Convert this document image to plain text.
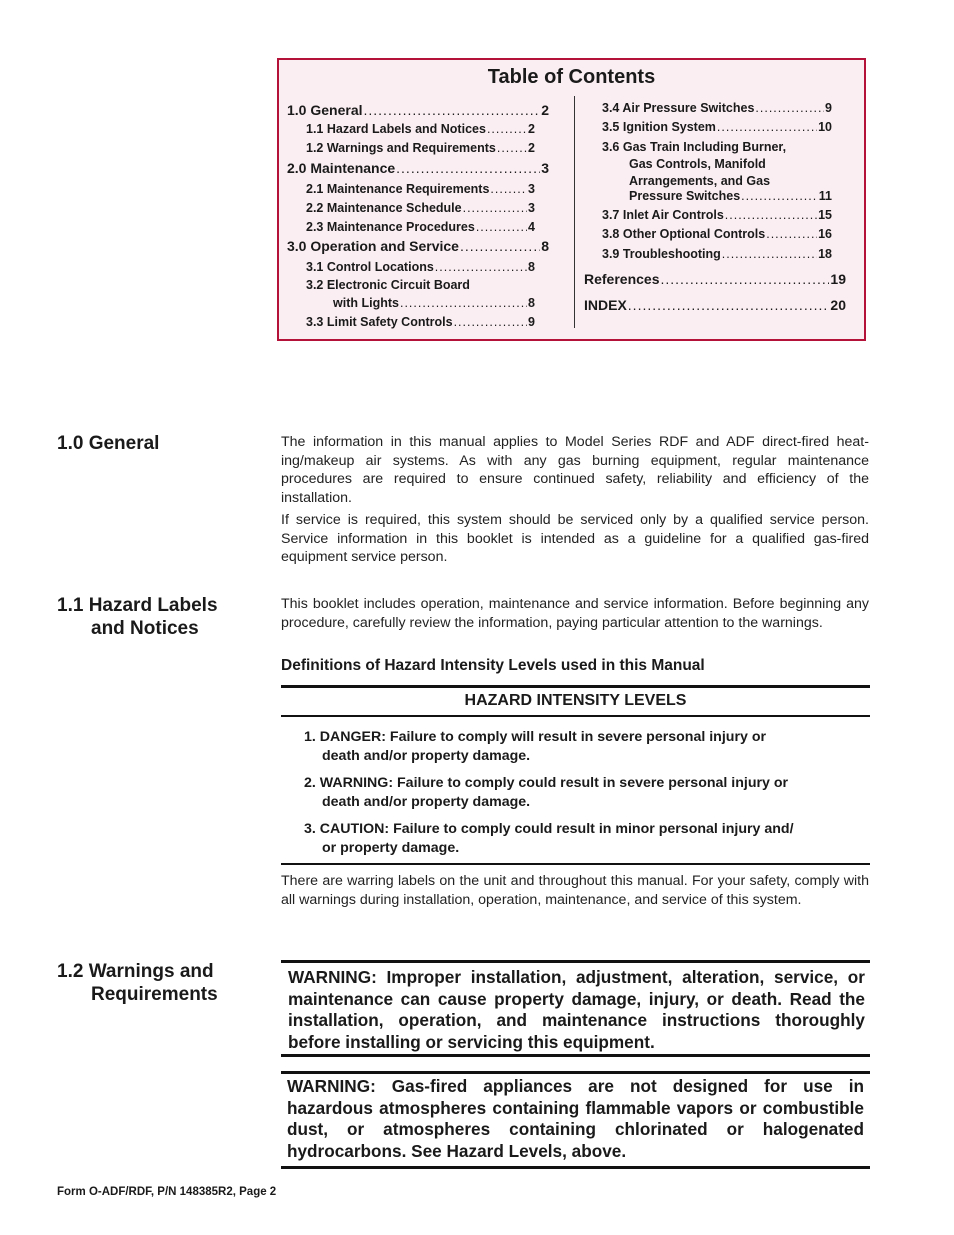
Table of Contents
1.0 General .....	2
1.1 Hazard Labels and Notices .....	2
1.2 Warnings and Requirements .....	2
2.0 Maintenance .....	3
2.1 Maintenance Requirements .....	3
2.2 Maintenance Schedule .....	3
2.3 Maintenance Procedures .....	4
3.0 Operation and Service .....	8
3.1 Control Locations .....	8
3.2 Electronic Circuit Board
with Lights .....	8
3.3 Limit Safety Controls .....	9
3.4 Air Pressure Switches .....	9
3.5 Ignition System .....	10
3.6 Gas Train Including Burner,
Gas Controls, Manifold
Arrangements, and Gas
Pressure Switches .....	11
3.7 Inlet Air Controls .....	15
3.8 Other Optional Controls .....	16
3.9 Troubleshooting .....	18
References .....	19
INDEX .....	20
1.0 General	The information in this manual applies to Model Series RDF and ADF direct-fired heating/makeup air systems. As with any gas burning equipment, regular maintenance procedures are required to ensure continued safety, reliability and efficiency of the installation.
If service is required, this system should be serviced only by a qualified service person. Service information in this booklet is intended as a guideline for a qualified gas-fired equipment service person.
1.1 Hazard Labels
and Notices
This booklet includes operation, maintenance and service information. Before beginning any procedure, carefully review the information, paying particular attention to the warnings.
Definitions of Hazard Intensity Levels used in this Manual
HAZARD INTENSITY LEVELS
1. DANGER: Failure to comply will result in severe personal injury or
death and/or property damage.
2. WARNING: Failure to comply could result in severe personal injury or
death and/or property damage.
3. CAUTION: Failure to comply could result in minor personal injury and/
or property damage.
There are warring labels on the unit and throughout this manual. For your safety, comply with all warnings during installation, operation, maintenance, and service of this system.
1.2 Warnings and
Requirements
WARNING: Improper installation, adjustment, alteration, service, or maintenance can cause property damage, injury, or death. Read the installation, operation, and maintenance instructions thoroughly before installing or servicing this equipment.
WARNING: Gas-fired appliances are not designed for use in hazardous atmospheres containing flammable vapors or combustible dust, or atmospheres containing chlorinated or halogenated hydrocarbons. See Hazard Levels, above.
Form O-ADF/RDF, P/N 148385R2, Page 2
